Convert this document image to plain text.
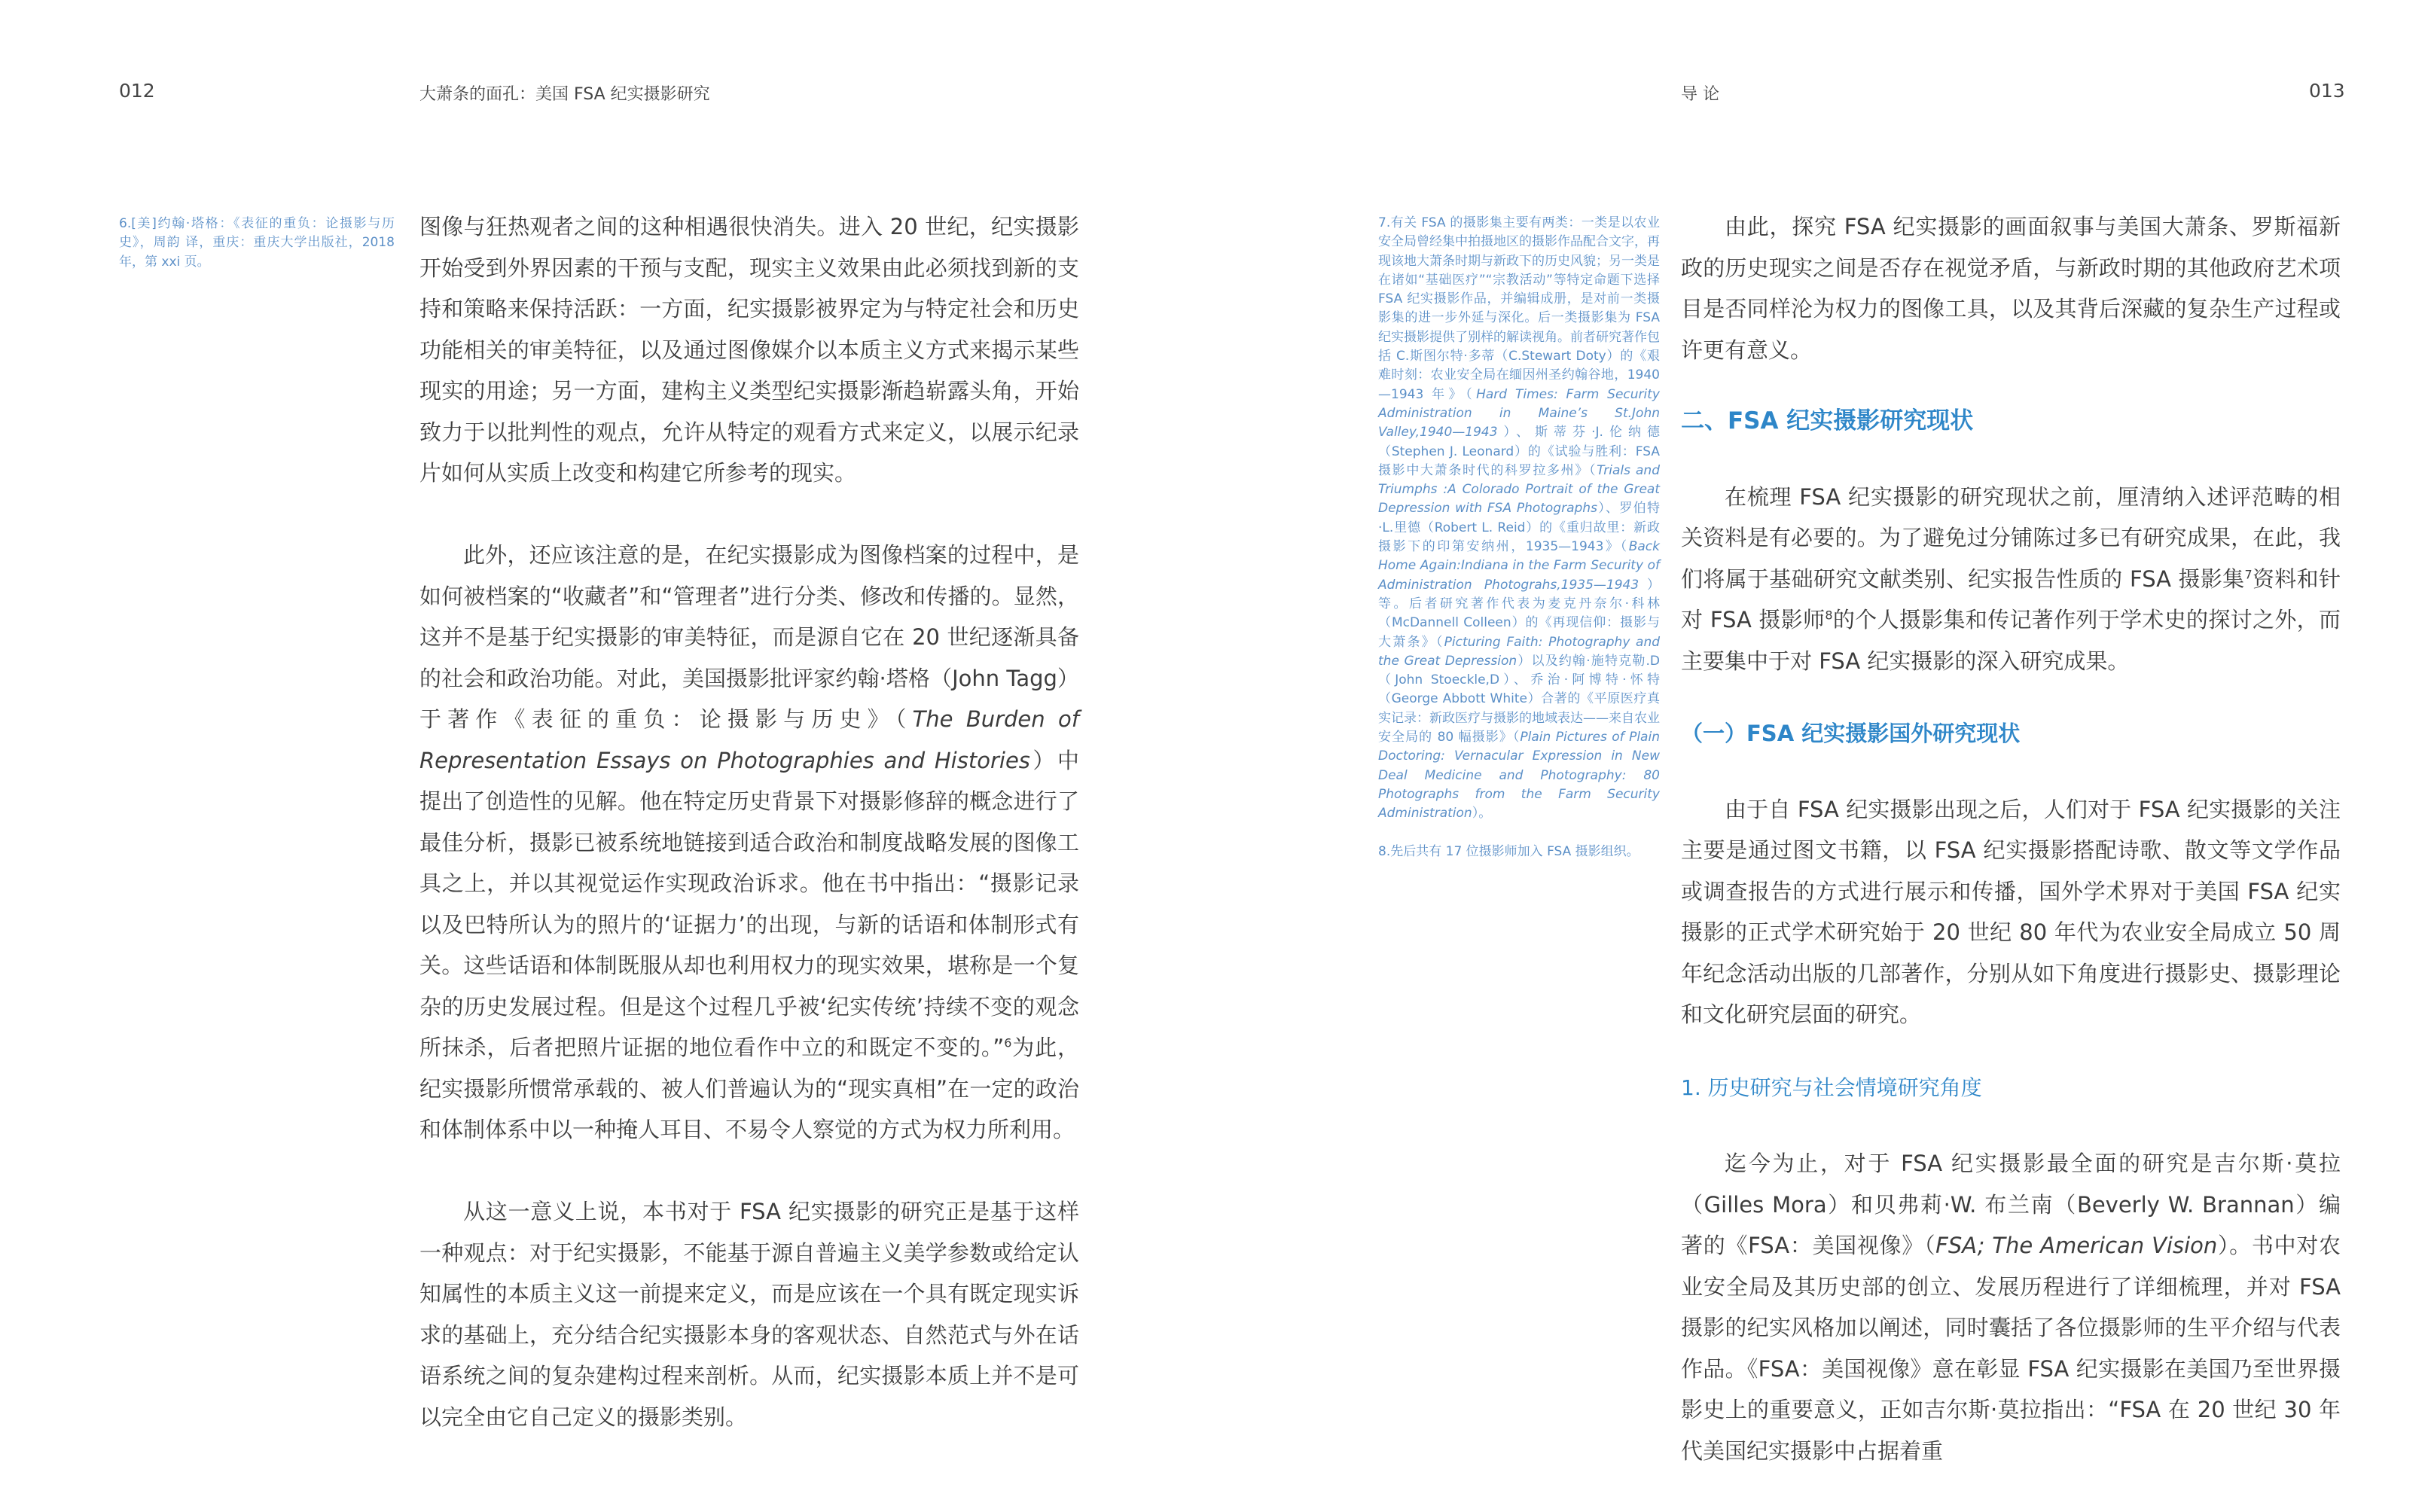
012	大萧条的面孔：美国 FSA 纪实摄影研究

6.[美]约翰·塔格：《表征的重负：论摄影与历史》，周韵 译，重庆：重庆大学出版社，2018 年，第 xxi 页。

图像与狂热观者之间的这种相遇很快消失。进入 20 世纪，纪实摄影开始受到外界因素的干预与支配，现实主义效果由此必须找到新的支持和策略来保持活跃：一方面，纪实摄影被界定为与特定社会和历史功能相关的审美特征，以及通过图像媒介以本质主义方式来揭示某些现实的用途；另一方面，建构主义类型纪实摄影渐趋崭露头角，开始致力于以批判性的观点，允许从特定的观看方式来定义，以展示纪录片如何从实质上改变和构建它所参考的现实。

此外，还应该注意的是，在纪实摄影成为图像档案的过程中，是如何被档案的“收藏者”和“管理者”进行分类、修改和传播的。显然，这并不是基于纪实摄影的审美特征，而是源自它在 20 世纪逐渐具备的社会和政治功能。对此，美国摄影批评家约翰·塔格（John Tagg）于著作《表征的重负：论摄影与历史》（The Burden of Representation Essays on Photographies and Histories）中提出了创造性的见解。他在特定历史背景下对摄影修辞的概念进行了最佳分析，摄影已被系统地链接到适合政治和制度战略发展的图像工具之上，并以其视觉运作实现政治诉求。他在书中指出：“摄影记录以及巴特所认为的照片的‘证据力’的出现，与新的话语和体制形式有关。这些话语和体制既服从却也利用权力的现实效果，堪称是一个复杂的历史发展过程。但是这个过程几乎被‘纪实传统’持续不变的观念所抹杀，后者把照片证据的地位看作中立的和既定不变的。”$^6$为此，纪实摄影所惯常承载的、被人们普遍认为的“现实真相”在一定的政治和体制体系中以一种掩人耳目、不易令人察觉的方式为权力所利用。

从这一意义上说，本书对于 FSA 纪实摄影的研究正是基于这样一种观点：对于纪实摄影，不能基于源自普遍主义美学参数或给定认知属性的本质主义这一前提来定义，而是应该在一个具有既定现实诉求的基础上，充分结合纪实摄影本身的客观状态、自然范式与外在话语系统之间的复杂建构过程来剖析。从而，纪实摄影本质上并不是可以完全由它自己定义的摄影类别。

导 论	013

7.有关 FSA 的摄影集主要有两类：一类是以农业安全局曾经集中拍摄地区的摄影作品配合文字，再现该地大萧条时期与新政下的历史风貌；另一类是在诸如“基础医疗”“宗教活动”等特定命题下选择 FSA 纪实摄影作品，并编辑成册，是对前一类摄影集的进一步外延与深化。后一类摄影集为 FSA 纪实摄影提供了别样的解读视角。前者研究著作包括 C.斯图尔特·多蒂（C.Stewart Doty）的《艰难时刻：农业安全局在缅因州圣约翰谷地，1940—1943 年》（Hard Times: Farm Security Administration in Maine’s St.John Valley,1940—1943）、斯蒂芬·J.伦纳德（Stephen J. Leonard）的《试验与胜利：FSA 摄影中大萧条时代的科罗拉多州》（Trials and Triumphs :A Colorado Portrait of the Great Depression with FSA Photographs）、罗伯特·L.里德（Robert L. Reid）的《重归故里：新政摄影下的印第安纳州，1935—1943》（Back Home Again:Indiana in the Farm Security of Administration Photograhs,1935—1943）等。后者研究著作代表为麦克丹奈尔·科林（McDannell Colleen）的《再现信仰：摄影与大萧条》（Picturing Faith: Photography and the Great Depression）以及约翰·施特克勒.D（John Stoeckle,D）、乔治·阿博特·怀特（George Abbott White）合著的《平原医疗真实记录：新政医疗与摄影的地域表达——来自农业安全局的 80 幅摄影》（Plain Pictures of Plain Doctoring: Vernacular Expression in New Deal Medicine and Photography: 80 Photographs from the Farm Security Administration）。

8.先后共有 17 位摄影师加入 FSA 摄影组织。

由此，探究 FSA 纪实摄影的画面叙事与美国大萧条、罗斯福新政的历史现实之间是否存在视觉矛盾，与新政时期的其他政府艺术项目是否同样沦为权力的图像工具，以及其背后深藏的复杂生产过程或许更有意义。

二、FSA 纪实摄影研究现状

在梳理 FSA 纪实摄影的研究现状之前，厘清纳入述评范畴的相关资料是有必要的。为了避免过分铺陈过多已有研究成果，在此，我们将属于基础研究文献类别、纪实报告性质的 FSA 摄影集$^7$资料和针对 FSA 摄影师$^8$的个人摄影集和传记著作列于学术史的探讨之外，而主要集中于对 FSA 纪实摄影的深入研究成果。

（一）FSA 纪实摄影国外研究现状

由于自 FSA 纪实摄影出现之后，人们对于 FSA 纪实摄影的关注主要是通过图文书籍，以 FSA 纪实摄影搭配诗歌、散文等文学作品或调查报告的方式进行展示和传播，国外学术界对于美国 FSA 纪实摄影的正式学术研究始于 20 世纪 80 年代为农业安全局成立 50 周年纪念活动出版的几部著作，分别从如下角度进行摄影史、摄影理论和文化研究层面的研究。

1. 历史研究与社会情境研究角度

迄今为止，对于 FSA 纪实摄影最全面的研究是吉尔斯·莫拉（Gilles Mora）和贝弗莉·W. 布兰南（Beverly W. Brannan）编著的《FSA：美国视像》（FSA; The American Vision）。书中对农业安全局及其历史部的创立、发展历程进行了详细梳理，并对 FSA 摄影的纪实风格加以阐述，同时囊括了各位摄影师的生平介绍与代表作品。《FSA：美国视像》意在彰显 FSA 纪实摄影在美国乃至世界摄影史上的重要意义，正如吉尔斯·莫拉指出：“FSA 在 20 世纪 30 年代美国纪实摄影中占据着重
